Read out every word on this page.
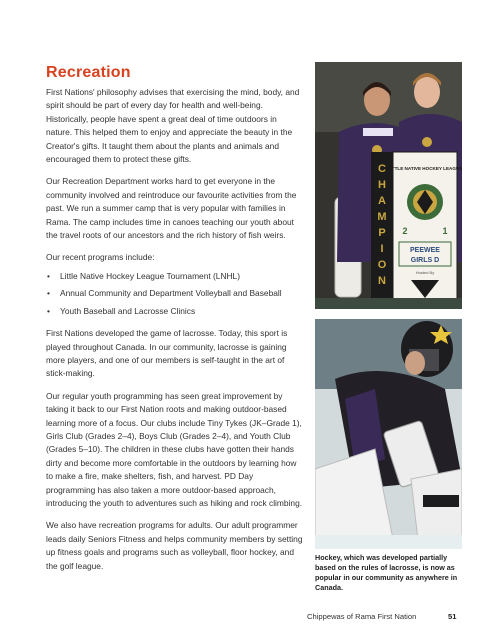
Recreation

First Nations' philosophy advises that exercising the mind, body, and spirit should be part of every day for health and well-being. Historically, people have spent a great deal of time outdoors in nature. This helped them to enjoy and appreciate the beauty in the Creator's gifts. It taught them about the plants and animals and encouraged them to protect these gifts.

Our Recreation Department works hard to get everyone in the community involved and reintroduce our favourite activities from the past. We run a summer camp that is very popular with families in Rama. The camp includes time in canoes teaching our youth about the travel roots of our ancestors and the rich history of fish weirs.

Our recent programs include:

• Little Native Hockey League Tournament (LNHL)
• Annual Community and Department Volleyball and Baseball
• Youth Baseball and Lacrosse Clinics

First Nations developed the game of lacrosse. Today, this sport is played throughout Canada. In our community, lacrosse is gaining more players, and one of our members is self-taught in the art of stick-making.

Our regular youth programming has seen great improvement by taking it back to our First Nation roots and making outdoor-based learning more of a focus. Our clubs include Tiny Tykes (JK–Grade 1), Girls Club (Grades 2–4), Boys Club (Grades 2–4), and Youth Club (Grades 5–10). The children in these clubs have gotten their hands dirty and become more comfortable in the outdoors by learning how to make a fire, make shelters, fish, and harvest. PD Day programming has also taken a more outdoor-based approach, introducing the youth to adventures such as hiking and rock climbing.

We also have recreation programs for adults. Our adult programmer leads daily Seniors Fitness and helps community members by setting up fitness goals and programs such as volleyball, floor hockey, and the golf league.

C
H
A
M
P
I
O
N
LITTLE NATIVE HOCKEY LEAGUE
2	1
PEEWEE
GIRLS D
Hosted By
Hockey, which was developed partially based on the rules of lacrosse, is now as popular in our community as anywhere in Canada.
Chippewas of Rama First Nation	51
